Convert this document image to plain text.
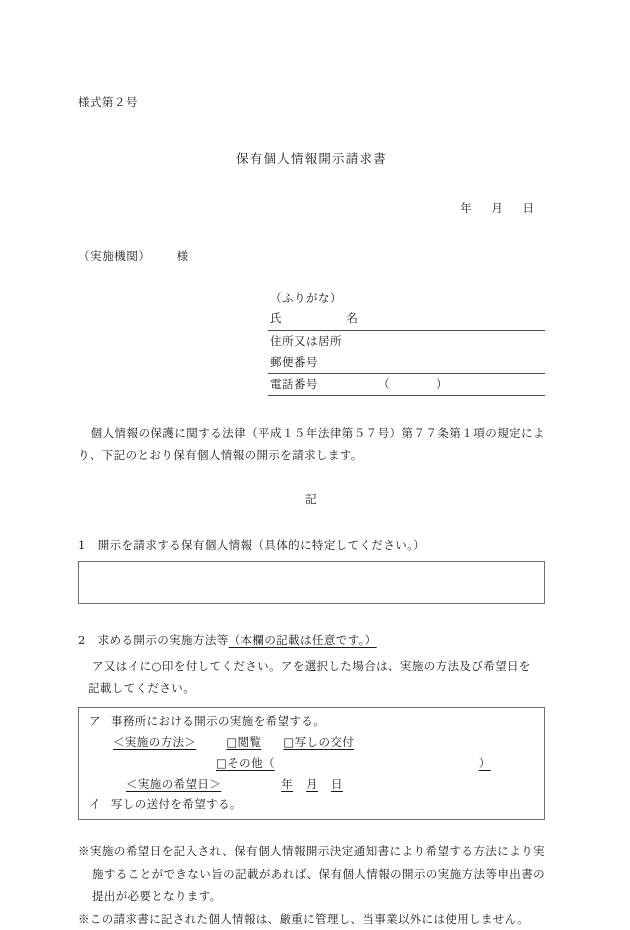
様式第２号
保有個人情報開示請求書
年 月 日
（実施機関） 様
（ふりがな）
氏　　名
住所又は居所
郵便番号
電話番号	（	）
個人情報の保護に関する法律（平成１５年法律第５７号）第７７条第１項の規定により、下記のとおり保有個人情報の開示を請求します。
記
1 開示を請求する保有個人情報（具体的に特定してください。）
2 求める開示の実施方法等（本欄の記載は任意です。）
ア又はイに○印を付してください。アを選択した場合は、実施の方法及び希望日を
記載してください。
ア 事務所における開示の実施を希望する。
＜実施の方法＞	□閲覧 □写しの交付
□その他（	）
＜実施の希望日＞	年 月 日
イ 写しの送付を希望する。
※実施の希望日を記入され、保有個人情報開示決定通知書により希望する方法により実施することができない旨の記載があれば、保有個人情報の開示の実施方法等申出書の提出が必要となります。
※この請求書に記された個人情報は、厳重に管理し、当事業以外には使用しません。
